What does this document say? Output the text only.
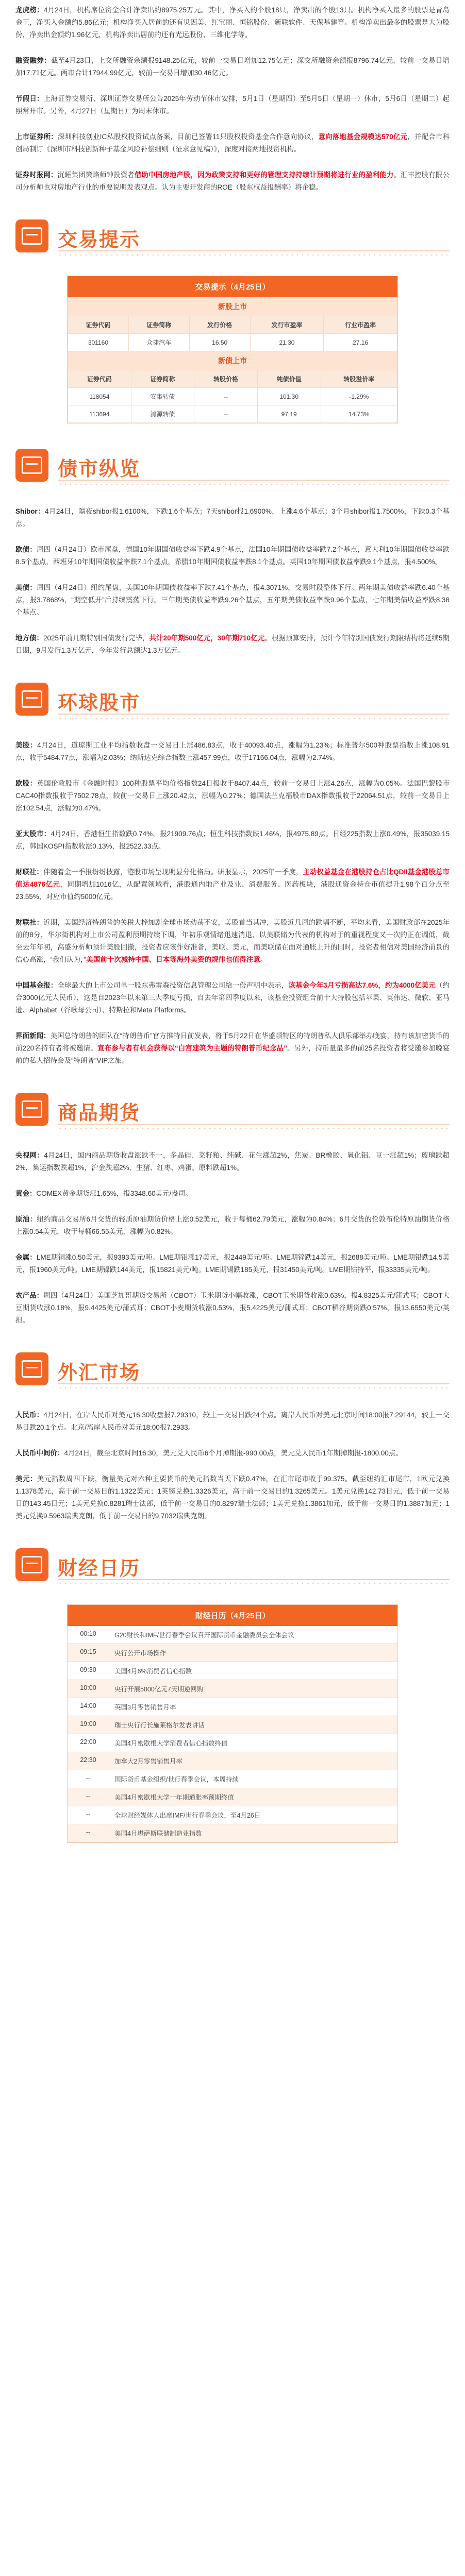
龙虎榜：4月24日，机构席位资金合计净卖出约8975.25万元。其中，净买入的个股18只，净卖出的个股13只。机构净买入最多的股票是青岛金王，净买入金额约5.86亿元；机构净买入居前的还有贝因美、红宝丽、恒铭股份、新联软件、天保基建等。机构净卖出最多的股票是大为股份，净卖出金额约1.96亿元，机构净卖出居前的还有光远股份、三维化学等。

融资融券：截至4月23日，上交所融资余额报9148.25亿元，较前一交易日增加12.75亿元；深交所融资余额报8796.74亿元，较前一交易日增加17.71亿元。两市合计17944.99亿元，较前一交易日增加30.46亿元。

节假日：上海证券交易所、深圳证券交易所公告2025年劳动节休市安排，5月1日（星期四）至5月5日（星期一）休市，5月6日（星期二）起照常开市。另外，4月27日（星期日）为周末休市。

上市证券所：深圳科技创业IC私股权投资试点备案，目前已签署11只股权投资基金合作意向协议，意向落地基金规模达570亿元，并配合市科创局制订《深圳市科技创新种子基金风险补偿细则（征求意见稿）》，深度对接两地投资机构。

证券时报网：沉睡集团策略师钟投资者借助中国房地产股，因为政策支持和更好的管理支持持续计预期将进行业的盈利能力。汇丰控股有限公司分析师也对房地产行业的重要说明发表观点。认为主要开发商的ROE（股东权益报酬率）将企稳。

交易提示
交易提示（4月25日）
新股上市
证券代码	证券简称	发行价格	发行市盈率	行业市盈率
301160	众捷汽车	16.50	21.30	27.16
新债上市
证券代码	证券简称	转股价格	纯债价值	转股溢价率
118054	安集转债	--	101.30	-1.29%
113694	清源转债	--	97.19	14.73%
债市纵览

Shibor：4月24日，隔夜shibor报1.6100%，下跌1.6个基点；7天shibor报1.6900%，上涨4.6个基点；3个月shibor报1.7500%，下跌0.3个基点。

欧债：周四（4月24日）欧市尾盘，德国10年期国债收益率下跌4.9个基点，法国10年期国债收益率跌7.2个基点，意大利10年期国债收益率跌8.5个基点，西班牙10年期国债收益率跌7.1个基点，希腊10年期国债收益率跌8.1个基点。英国10年期国债收益率跌9.1个基点，报4.500%。

美债：周四（4月24日）纽约尾盘，美国10年期国债收益率下跌7.41个基点，报4.3071%，交易时段整体下行。两年期美债收益率跌6.40个基点，报3.7868%，“期空低开”后持续震荡下行。三年期美债收益率跌9.26个基点，五年期美债收益率跌9.96个基点，七年期美债收益率跌8.38个基点。

地方债：2025年前几期特别国债发行完毕，共计20年期500亿元，30年期710亿元。根据预算安排，预计今年特别国债发行期限结构将延续5期日期，9月发行1.3万亿元，今年发行总额达1.3万亿元。

环球股市

美股：4月24日，道琼斯工业平均指数收盘一交易日上涨486.83点，收于40093.40点，涨幅为1.23%；标准普尔500种股票指数上涨108.91点，收于5484.77点，涨幅为2.03%；纳斯达克综合指数上涨457.99点，收于17166.04点，涨幅为2.74%。

欧股：英国伦敦股市《金融时报》100种股票平均价格指数24日报收于8407.44点，较前一交易日上涨4.26点，涨幅为0.05%。法国巴黎股市CAC40指数报收于7502.78点，较前一交易日上涨20.42点，涨幅为0.27%；德国法兰克福股市DAX指数报收于22064.51点，较前一交易日上涨102.54点，涨幅为0.47%。

亚太股市：4月24日，香港恒生指数跌0.74%，报21909.76点；恒生科技指数跌1.46%，报4975.89点。日经225指数上涨0.49%，报35039.15点，韩国KOSPI指数收涨0.13%，报2522.33点。

财联社：伴随着金一季报纷纷披露，港股市场呈现明显分化格局。研报显示，2025年一季度，主动权益基金在港股持仓占比QDII基金港股总市值达4876亿元，同期增加1016亿，从配置领域看，港股通内地产业及业、消费服务、医药板块，港股通资金持仓市值提升1.98个百分点至23.55%，对应市值约5000亿元。

财联社：近期，美国经济特朗普的关税大棒加剧全球市场动荡不安，美股首当其冲，美股近几周的跌幅不断，平均来看，美国财政部在2025年前的8分，华尔街机构对上市公司盈利预期持续下调，年初乐观情绪迅速消退，以美联储为代表的机构对于的重视程度又一次的正在调低，截至去年年初，高盛分析师预计美股回撤，投资者应该作好准备，美联、美元，而美联储在面对通胀上升的同时，投资者相信对美国经济前景的信心高涨，“我们认为，”美国前十次减持中国、日本等海外美资的规律也值得注意。

中国基金报：全球最大的上市公司单一股东弗雷森投资信息管理公司给一份声明中表示，该基金今年3月亏损高达7.6%，约为4000亿美元（约合3000亿元人民币），这是自2023年以来第三大季度亏损，自去年第四季度以来，该基金投资组合前十大持股包括苹果、英伟达、微软、亚马逊、Alphabet（谷歌母公司）、特斯拉和Meta Platforms。

界面新闻：美国总特朗普的团队在“特朗普币”官方推特日前发表，将于5月22日在华盛顿特区的特朗普私人俱乐部举办晚宴，持有该加密货币的前220名持有者将被邀请。宣布参与者有机会获得以“白宫建筑为主题的特朗普币纪念品”。另外，持币量最多的前25名投资者将受邀参加晚宴前的私人招待会及“特朗普”VIP之旅。

商品期货

央视网：4月24日，国内商品期货收盘涨跌不一，多晶硅、菜籽粕、纯碱、花生涨超2%，焦炭、BR橡胶、氧化铝、豆一涨超1%；玻璃跌超2%，集运指数跌超1%，沪金跌超2%，生猪、红枣、鸡蛋、原料跌超1%。

黄金：COMEX黄金期货涨1.65%，报3348.60美元/盎司。

原油：纽约商品交易所6月交货的轻质原油期货价格上涨0.52美元，收于每桶62.79美元，涨幅为0.84%；6月交货的伦敦布伦特原油期货价格上涨0.54美元，收于每桶66.55美元，涨幅为0.82%。

金属：LME期铜涨0.50美元，报9393美元/吨。LME期铝涨17美元，报2449美元/吨。LME期锌跌14美元，报2688美元/吨。LME期铅跌14.5美元，报1960美元/吨。LME期镍跌144美元，报15821美元/吨。LME期锡跌185美元，报31450美元/吨。LME期钴持平，报33335美元/吨。

农产品：周四（4月24日）美国芝加哥期货交易所（CBOT）玉米期货小幅收涨，CBOT玉米期货收涨0.63%，报4.8325美元/蒲式耳；CBOT大豆期货收涨0.18%，报9.4425美元/蒲式耳；CBOT小麦期货收涨0.53%，报5.4225美元/蒲式耳；CBOT稻谷期货跌0.57%，报13.6550美元/英担。

外汇市场

人民币：4月24日，在岸人民币对美元16:30收盘报7.29310，较上一交易日跌24个点。离岸人民币对美元北京时间18:00报7.29144，较上一交易日跌20.1个点。北京/离岸人民币对美元18:00报7.2933。

人民币中间价：4月24日，截至北京时间16:30，美元兑人民币6个月掉期报-990.00点，美元兑人民币1年期掉期报-1800.00点。

美元：美元指数周四下跌，衡量美元对六种主要货币的美元指数当天下跌0.47%，在汇市尾市收于99.375。截至纽约汇市尾市，1欧元兑换1.1378美元，高于前一交易日的1.1322美元；1英镑兑换1.3326美元，高于前一交易日的1.3265美元。1美元兑换142.73日元，低于前一交易日的143.45日元；1美元兑换0.8281瑞士法郎，低于前一交易日的0.8297瑞士法郎；1美元兑换1.3861加元，低于前一交易日的1.3887加元；1美元兑换9.5963瑞典克朗，低于前一交易日的9.7032瑞典克朗。

财经日历
财经日历（4月25日）
00:10	G20财长和IMF/世行春季会议召开国际货币金融委员会全体会议
09:15	央行公开市场操作
09:30	美国4月6%消费者信心指数
10:00	央行开展5000亿元7天期逆回购
14:00	英国3月零售销售月率
19:00	瑞士央行行长施莱格尔发表讲话
22:00	美国4月密歇根大学消费者信心指数终值
22:30	加拿大2月零售销售月率
--	国际货币基金组织/世行春季会议，本周持续
--	美国4月密歇根大学一年期通胀率预期终值
--	全球财经媒体人出席IMF/世行春季会议，至4月26日
--	美国4月堪萨斯联储制造业指数
